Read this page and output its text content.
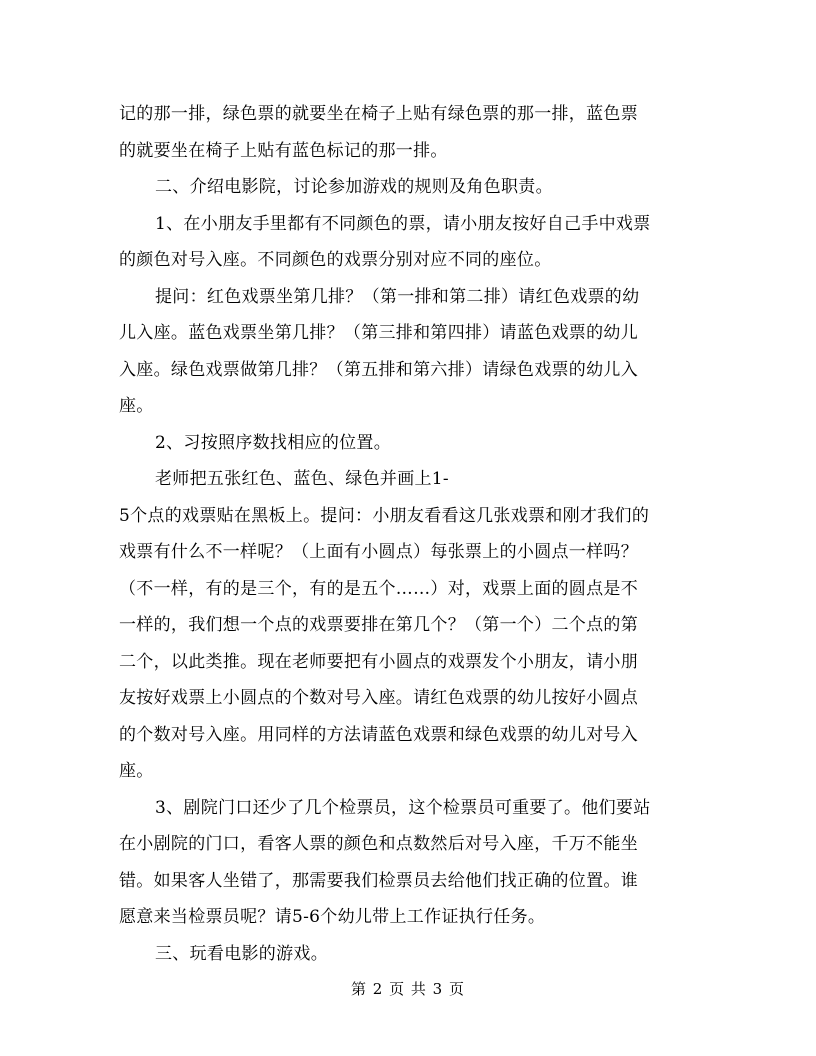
记的那一排，绿色票的就要坐在椅子上贴有绿色票的那一排，蓝色票
的就要坐在椅子上贴有蓝色标记的那一排。
二、介绍电影院，讨论参加游戏的规则及角色职责。
1、在小朋友手里都有不同颜色的票，请小朋友按好自己手中戏票
的颜色对号入座。不同颜色的戏票分别对应不同的座位。
提问：红色戏票坐第几排？（第一排和第二排）请红色戏票的幼
儿入座。蓝色戏票坐第几排？（第三排和第四排）请蓝色戏票的幼儿
入座。绿色戏票做第几排？（第五排和第六排）请绿色戏票的幼儿入
座。
2、习按照序数找相应的位置。
老师把五张红色、蓝色、绿色并画上1-
5个点的戏票贴在黑板上。提问：小朋友看看这几张戏票和刚才我们的
戏票有什么不一样呢？（上面有小圆点）每张票上的小圆点一样吗？
（不一样，有的是三个，有的是五个……）对，戏票上面的圆点是不
一样的，我们想一个点的戏票要排在第几个？（第一个）二个点的第
二个，以此类推。现在老师要把有小圆点的戏票发个小朋友，请小朋
友按好戏票上小圆点的个数对号入座。请红色戏票的幼儿按好小圆点
的个数对号入座。用同样的方法请蓝色戏票和绿色戏票的幼儿对号入
座。
3、剧院门口还少了几个检票员，这个检票员可重要了。他们要站
在小剧院的门口，看客人票的颜色和点数然后对号入座，千万不能坐
错。如果客人坐错了，那需要我们检票员去给他们找正确的位置。谁
愿意来当检票员呢？请5-6个幼儿带上工作证执行任务。
三、玩看电影的游戏。
第 2 页 共 3 页
